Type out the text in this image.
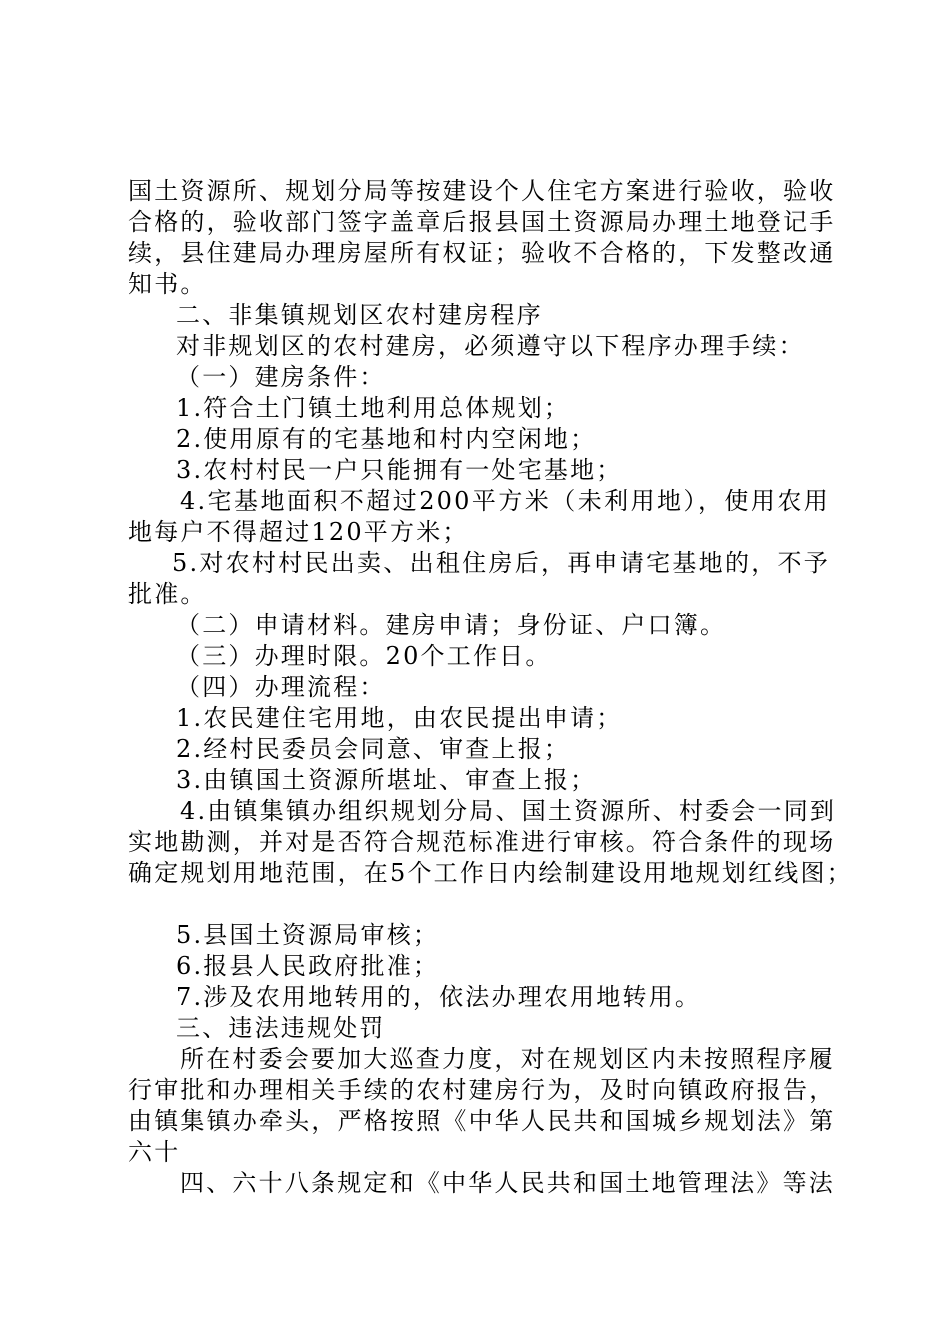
国土资源所、规划分局等按建设个人住宅方案进行验收，验收
合格的，验收部门签字盖章后报县国土资源局办理土地登记手
续，县住建局办理房屋所有权证；验收不合格的，下发整改通
知书。
二、非集镇规划区农村建房程序
对非规划区的农村建房，必须遵守以下程序办理手续：
（一）建房条件：
1.符合土门镇土地利用总体规划；
2.使用原有的宅基地和村内空闲地；
3.农村村民一户只能拥有一处宅基地；
4.宅基地面积不超过200平方米（未利用地），使用农用
地每户不得超过120平方米；
5.对农村村民出卖、出租住房后，再申请宅基地的，不予
批准。
（二）申请材料。建房申请；身份证、户口簿。
（三）办理时限。20个工作日。
（四）办理流程：
1.农民建住宅用地，由农民提出申请；
2.经村民委员会同意、审查上报；
3.由镇国土资源所堪址、审查上报；
4.由镇集镇办组织规划分局、国土资源所、村委会一同到
实地勘测，并对是否符合规范标准进行审核。符合条件的现场
确定规划用地范围，在5个工作日内绘制建设用地规划红线图；
5.县国土资源局审核；
6.报县人民政府批准；
7.涉及农用地转用的，依法办理农用地转用。
三、违法违规处罚
所在村委会要加大巡查力度，对在规划区内未按照程序履
行审批和办理相关手续的农村建房行为，及时向镇政府报告，
由镇集镇办牵头，严格按照《中华人民共和国城乡规划法》第
六十
四、六十八条规定和《中华人民共和国土地管理法》等法
